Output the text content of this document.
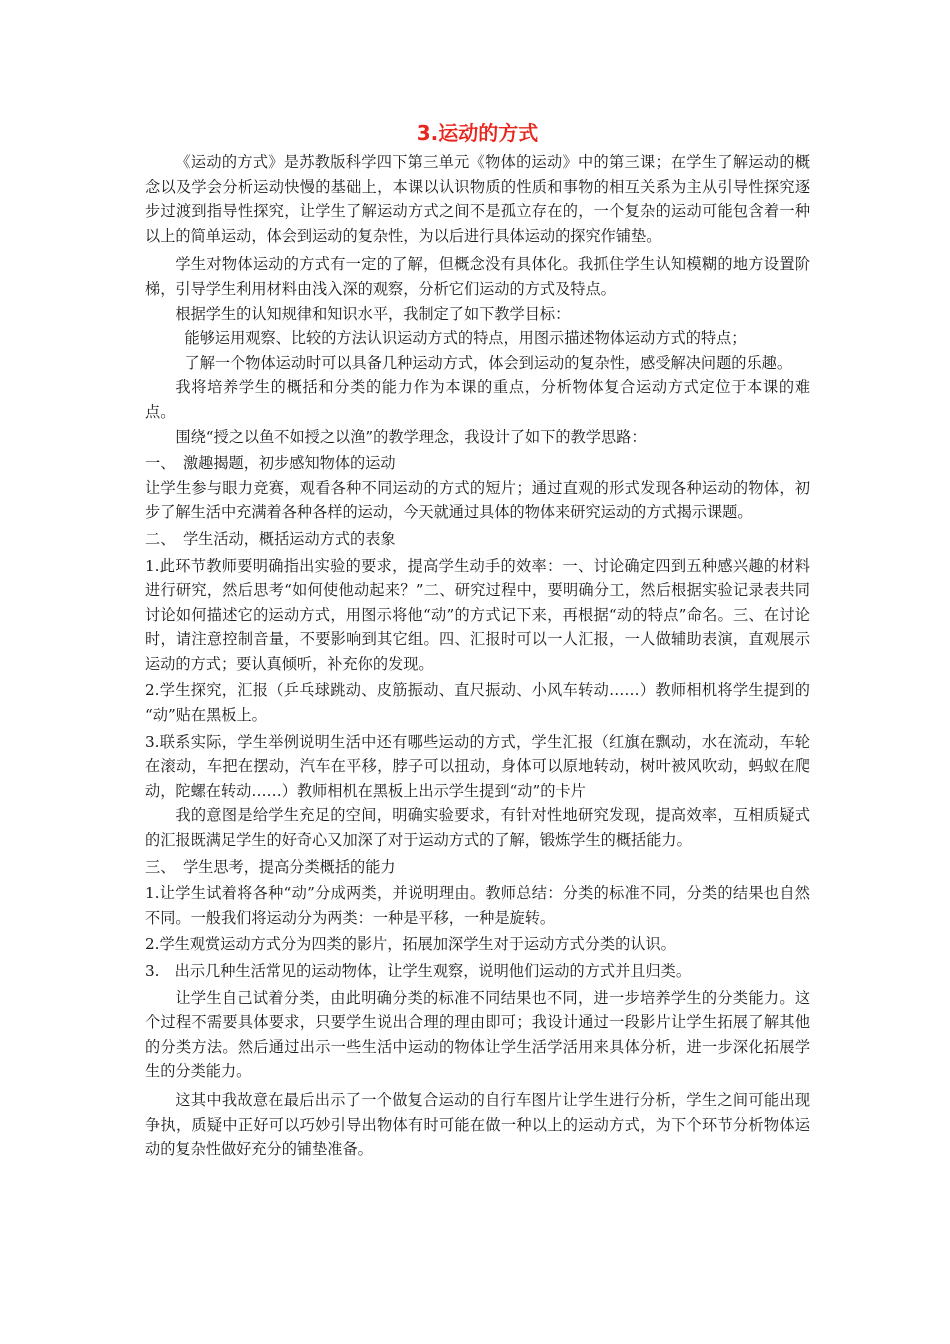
3.运动的方式

《运动的方式》是苏教版科学四下第三单元《物体的运动》中的第三课；在学生了解运动的概念以及学会分析运动快慢的基础上，本课以认识物质的性质和事物的相互关系为主从引导性探究逐步过渡到指导性探究，让学生了解运动方式之间不是孤立存在的，一个复杂的运动可能包含着一种以上的简单运动，体会到运动的复杂性，为以后进行具体运动的探究作铺垫。

学生对物体运动的方式有一定的了解，但概念没有具体化。我抓住学生认知模糊的地方设置阶梯，引导学生利用材料由浅入深的观察，分析它们运动的方式及特点。

根据学生的认知规律和知识水平，我制定了如下教学目标：

能够运用观察、比较的方法认识运动方式的特点，用图示描述物体运动方式的特点；

了解一个物体运动时可以具备几种运动方式，体会到运动的复杂性，感受解决问题的乐趣。

我将培养学生的概括和分类的能力作为本课的重点，分析物体复合运动方式定位于本课的难点。

围绕“授之以鱼不如授之以渔”的教学理念，我设计了如下的教学思路：

一、　激趣揭题，初步感知物体的运动

让学生参与眼力竞赛，观看各种不同运动的方式的短片；通过直观的形式发现各种运动的物体，初步了解生活中充满着各种各样的运动，今天就通过具体的物体来研究运动的方式揭示课题。

二、　学生活动，概括运动方式的表象

1.此环节教师要明确指出实验的要求，提高学生动手的效率：一、讨论确定四到五种感兴趣的材料进行研究，然后思考“如何使他动起来？”二、研究过程中，要明确分工，然后根据实验记录表共同讨论如何描述它的运动方式，用图示将他“动”的方式记下来，再根据“动的特点”命名。三、在讨论时，请注意控制音量，不要影响到其它组。四、汇报时可以一人汇报，一人做辅助表演，直观展示运动的方式；要认真倾听，补充你的发现。

2.学生探究，汇报（乒乓球跳动、皮筋振动、直尺振动、小风车转动……）教师相机将学生提到的 “动”贴在黑板上。

3.联系实际，学生举例说明生活中还有哪些运动的方式，学生汇报（红旗在飘动，水在流动，车轮在滚动，车把在摆动，汽车在平移，脖子可以扭动，身体可以原地转动，树叶被风吹动，蚂蚁在爬动，陀螺在转动……）教师相机在黑板上出示学生提到“动”的卡片

我的意图是给学生充足的空间，明确实验要求，有针对性地研究发现，提高效率，互相质疑式的汇报既满足学生的好奇心又加深了对于运动方式的了解，锻炼学生的概括能力。

三、　学生思考，提高分类概括的能力

1.让学生试着将各种“动”分成两类，并说明理由。教师总结：分类的标准不同，分类的结果也自然不同。一般我们将运动分为两类：一种是平移，一种是旋转。

2.学生观赏运动方式分为四类的影片，拓展加深学生对于运动方式分类的认识。

3.　出示几种生活常见的运动物体，让学生观察，说明他们运动的方式并且归类。

让学生自己试着分类，由此明确分类的标准不同结果也不同，进一步培养学生的分类能力。这个过程不需要具体要求，只要学生说出合理的理由即可；我设计通过一段影片让学生拓展了解其他的分类方法。然后通过出示一些生活中运动的物体让学生活学活用来具体分析，进一步深化拓展学生的分类能力。

这其中我故意在最后出示了一个做复合运动的自行车图片让学生进行分析，学生之间可能出现争执，质疑中正好可以巧妙引导出物体有时可能在做一种以上的运动方式，为下个环节分析物体运动的复杂性做好充分的铺垫准备。
